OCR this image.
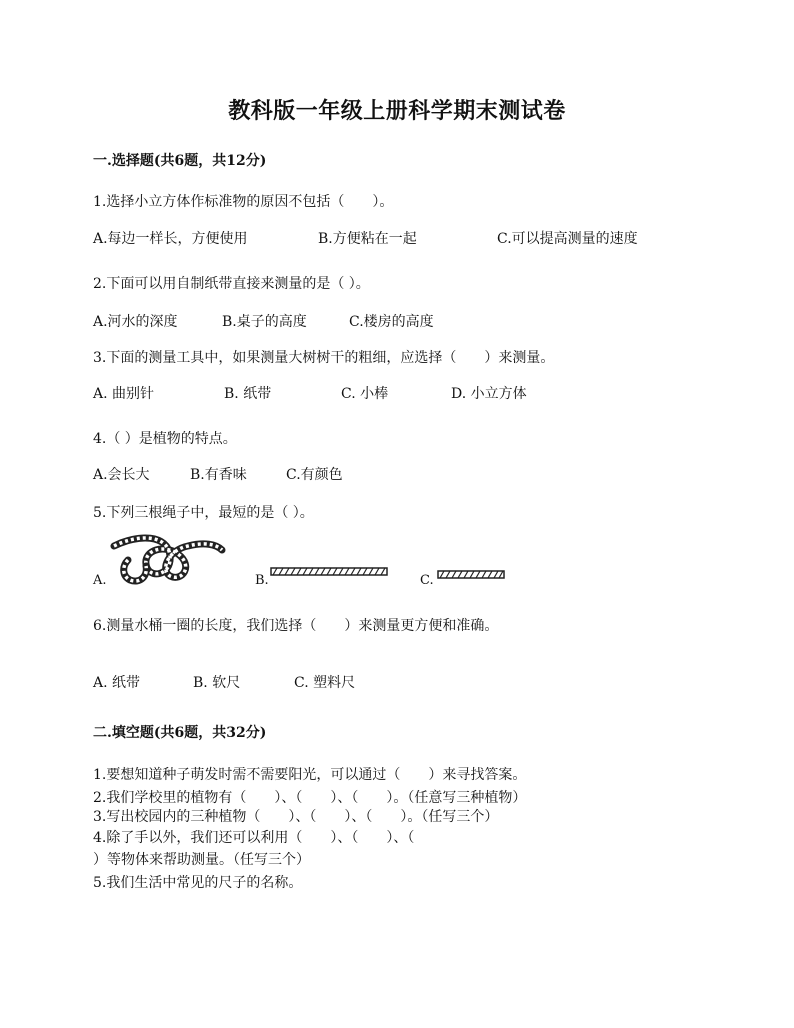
教科版一年级上册科学期末测试卷
一.选择题(共6题，共12分)
1.选择小立方体作标准物的原因不包括（　　）。
A.每边一样长，方便使用	B.方便粘在一起	C.可以提高测量的速度
2.下面可以用自制纸带直接来测量的是（ ）。
A.河水的深度	B.桌子的高度	C.楼房的高度
3.下面的测量工具中，如果测量大树树干的粗细，应选择（　　）来测量。
A. 曲别针	B. 纸带	C. 小棒	D. 小立方体
4.（ ）是植物的特点。
A.会长大	B.有香味	C.有颜色
5.下列三根绳子中，最短的是（ ）。
A.	B.	C.
6.测量水桶一圈的长度，我们选择（　　）来测量更方便和准确。
A. 纸带	B. 软尺	C. 塑料尺
二.填空题(共6题，共32分)
1.要想知道种子萌发时需不需要阳光，可以通过（　　）来寻找答案。
2.我们学校里的植物有（　　）、（　　）、（　　）。（任意写三种植物）
3.写出校园内的三种植物（　　）、（　　）、（　　）。（任写三个）
4.除了手以外，我们还可以利用（　　）、（　　）、（
）等物体来帮助测量。（任写三个）
5.我们生活中常见的尺子的名称。
